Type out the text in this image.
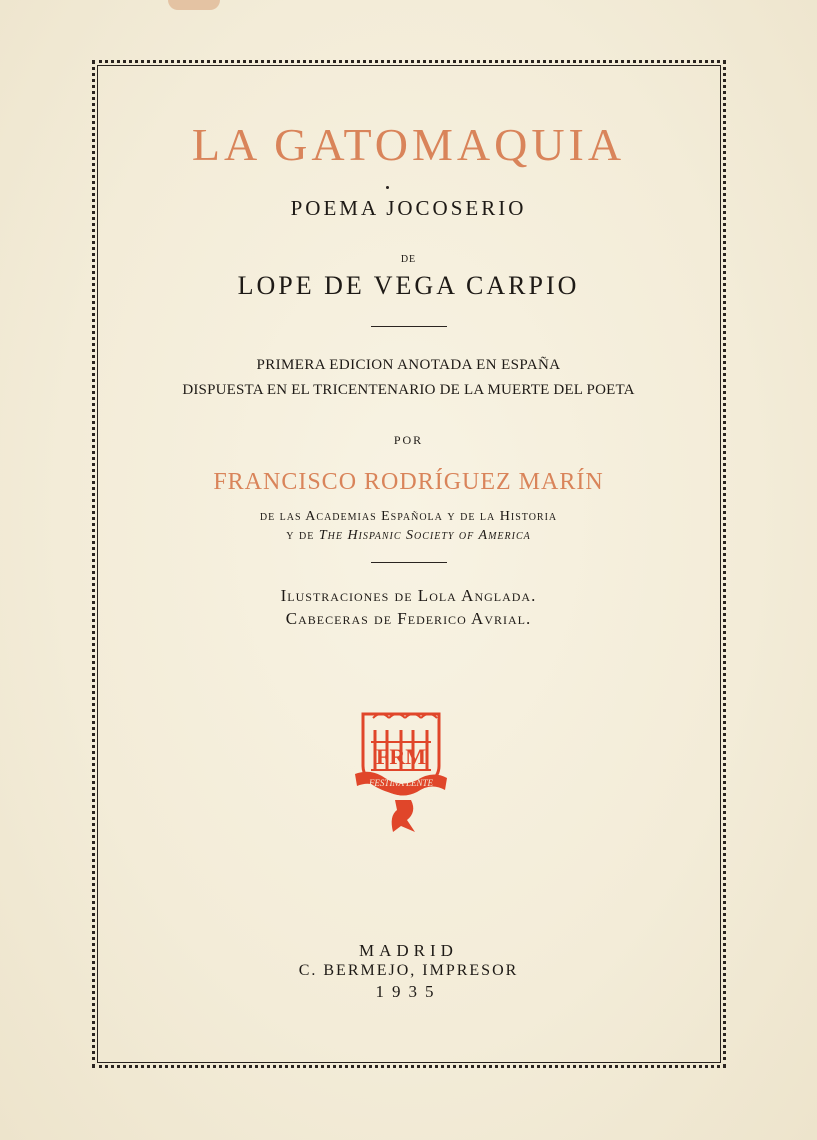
LA GATOMAQUIA

POEMA JOCOSERIO

DE

LOPE DE VEGA CARPIO

PRIMERA EDICION ANOTADA EN ESPAÑA

DISPUESTA EN EL TRICENTENARIO DE LA MUERTE DEL POETA

POR

FRANCISCO RODRÍGUEZ MARÍN

de las Academias Española y de la Historia

y de The Hispanic Society of America

Ilustraciones de Lola Anglada.

Cabeceras de Federico Avrial.

FESTINA LENTE
FRM

MADRID

C. BERMEJO, IMPRESOR

1935
